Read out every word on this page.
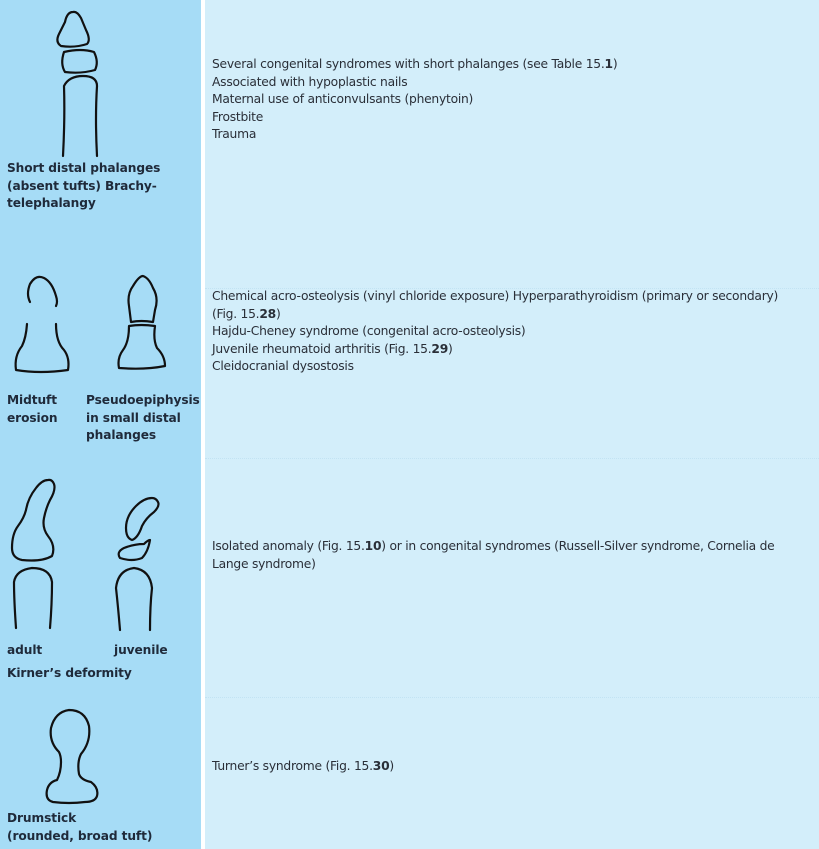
Short distal phalanges
(absent tufts) Brachy-
telephalangy
Several congenital syndromes with short phalanges (see Table 15.1)
Associated with hypoplastic nails
Maternal use of anticonvulsants (phenytoin)
Frostbite
Trauma
Midtuft
erosion
Pseudoepiphysis
in small distal
phalanges
Chemical acro-osteolysis (vinyl chloride exposure) Hyperparathyroidism (primary or secondary)
(Fig. 15.28)
Hajdu-Cheney syndrome (congenital acro-osteolysis)
Juvenile rheumatoid arthritis (Fig. 15.29)
Cleidocranial dysostosis
adult	juvenile
Kirner’s deformity
Isolated anomaly (Fig. 15.10) or in congenital syndromes (Russell-Silver syndrome, Cornelia de
Lange syndrome)
Drumstick
(rounded, broad tuft)
Turner’s syndrome (Fig. 15.30)
